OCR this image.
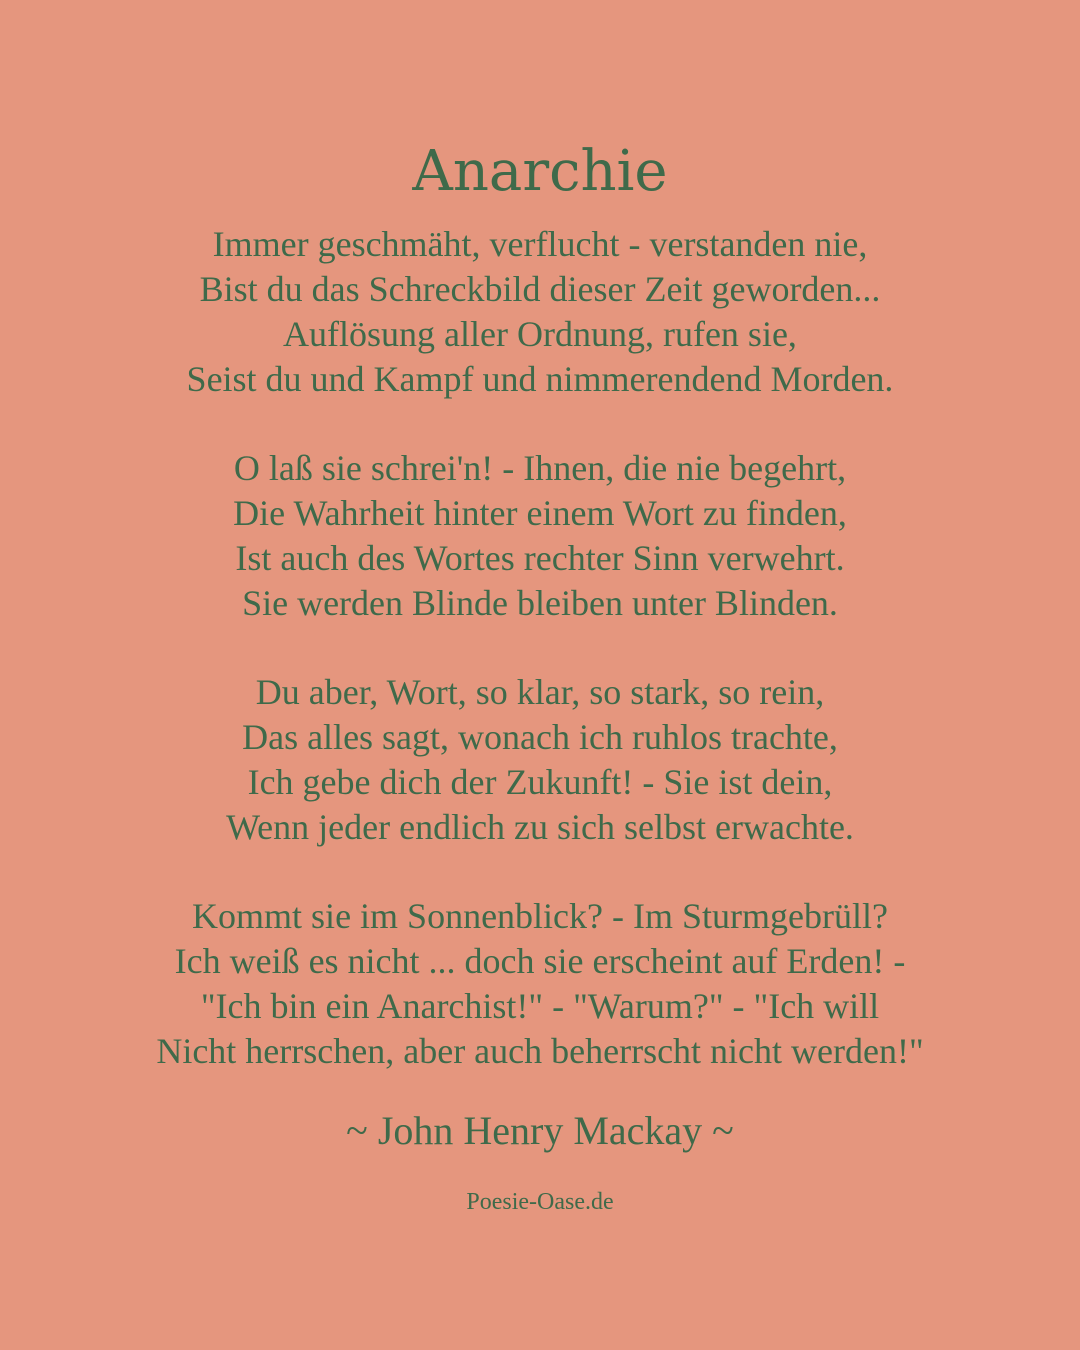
Anarchie
Immer geschmäht, verflucht - verstanden nie,
Bist du das Schreckbild dieser Zeit geworden...
Auflösung aller Ordnung, rufen sie,
Seist du und Kampf und nimmerendend Morden.
O laß sie schrei'n! - Ihnen, die nie begehrt,
Die Wahrheit hinter einem Wort zu finden,
Ist auch des Wortes rechter Sinn verwehrt.
Sie werden Blinde bleiben unter Blinden.
Du aber, Wort, so klar, so stark, so rein,
Das alles sagt, wonach ich ruhlos trachte,
Ich gebe dich der Zukunft! - Sie ist dein,
Wenn jeder endlich zu sich selbst erwachte.
Kommt sie im Sonnenblick? - Im Sturmgebrüll?
Ich weiß es nicht ... doch sie erscheint auf Erden! -
"Ich bin ein Anarchist!" - "Warum?" - "Ich will
Nicht herrschen, aber auch beherrscht nicht werden!"
~ John Henry Mackay ~
Poesie-Oase.de
